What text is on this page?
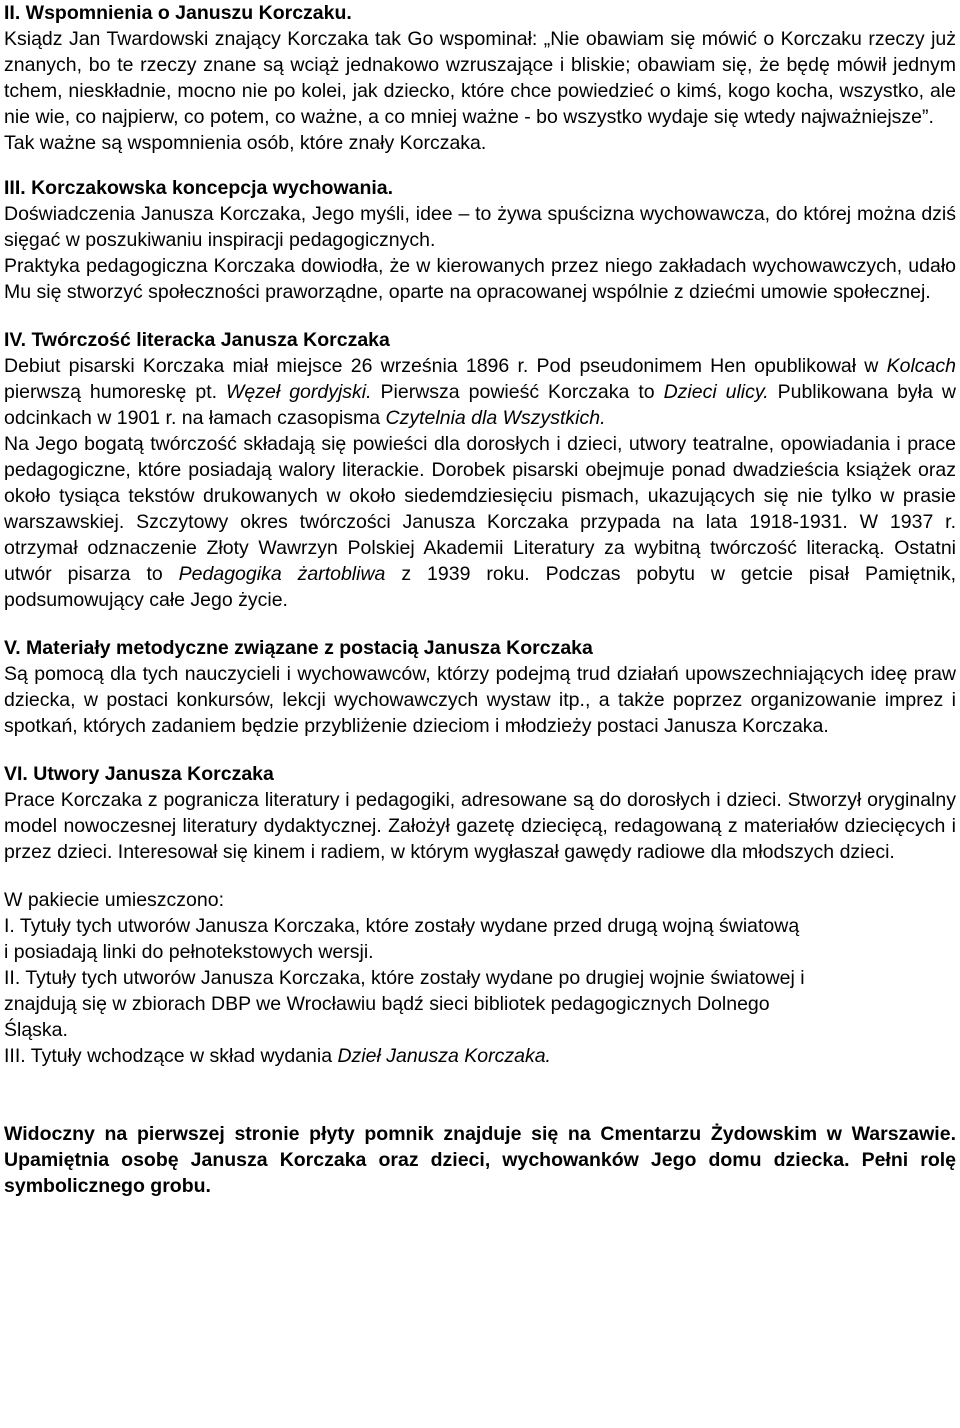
II. Wspomnienia o Januszu Korczaku.

Ksiądz Jan Twardowski znający Korczaka tak Go wspominał: „Nie obawiam się mówić o Korczaku rzeczy już znanych, bo te rzeczy znane są wciąż jednakowo wzruszające i bliskie; obawiam się, że będę mówił jednym tchem, nieskładnie, mocno nie po kolei, jak dziecko, które chce powiedzieć o kimś, kogo kocha, wszystko, ale nie wie, co najpierw, co potem, co ważne, a co mniej ważne - bo wszystko wydaje się wtedy najważniejsze”.

Tak ważne są wspomnienia osób, które znały Korczaka.

III. Korczakowska koncepcja wychowania.

Doświadczenia Janusza Korczaka, Jego myśli, idee – to żywa spuścizna wychowawcza, do której można dziś sięgać w poszukiwaniu inspiracji pedagogicznych.

Praktyka pedagogiczna Korczaka dowiodła, że w kierowanych przez niego zakładach wychowawczych, udało Mu się stworzyć społeczności praworządne, oparte na opracowanej wspólnie z dziećmi umowie społecznej.

IV. Twórczość literacka Janusza Korczaka

Debiut pisarski Korczaka miał miejsce 26 września 1896 r. Pod pseudonimem Hen opublikował w Kolcach pierwszą humoreskę pt. Węzeł gordyjski. Pierwsza powieść Korczaka to Dzieci ulicy. Publikowana była w odcinkach w 1901 r. na łamach czasopisma Czytelnia dla Wszystkich.

Na Jego bogatą twórczość składają się powieści dla dorosłych i dzieci, utwory teatralne, opowiadania i prace pedagogiczne, które posiadają walory literackie. Dorobek pisarski obejmuje ponad dwadzieścia książek oraz około tysiąca tekstów drukowanych w około siedemdziesięciu pismach, ukazujących się nie tylko w prasie warszawskiej. Szczytowy okres twórczości Janusza Korczaka przypada na lata 1918-1931. W 1937 r. otrzymał odznaczenie Złoty Wawrzyn Polskiej Akademii Literatury za wybitną twórczość literacką. Ostatni utwór pisarza to Pedagogika żartobliwa z 1939 roku. Podczas pobytu w getcie pisał Pamiętnik, podsumowujący całe Jego życie.

V. Materiały metodyczne związane z postacią Janusza Korczaka

Są pomocą dla tych nauczycieli i wychowawców, którzy podejmą trud działań upowszechniających ideę praw dziecka, w postaci konkursów, lekcji wychowawczych wystaw itp., a także poprzez organizowanie imprez i spotkań, których zadaniem będzie przybliżenie dzieciom i młodzieży postaci Janusza Korczaka.

VI. Utwory Janusza Korczaka

Prace Korczaka z pogranicza literatury i pedagogiki, adresowane są do dorosłych i dzieci. Stworzył oryginalny model nowoczesnej literatury dydaktycznej. Założył gazetę dziecięcą, redagowaną z materiałów dziecięcych i przez dzieci. Interesował się kinem i radiem, w którym wygłaszał gawędy radiowe dla młodszych dzieci.

W pakiecie umieszczono:

I. Tytuły tych utworów Janusza Korczaka, które zostały wydane przed drugą wojną światową

i posiadają linki do pełnotekstowych wersji.

II. Tytuły tych utworów Janusza Korczaka, które zostały wydane po drugiej wojnie światowej i

znajdują się w zbiorach DBP we Wrocławiu bądź sieci bibliotek pedagogicznych Dolnego

Śląska.

III. Tytuły wchodzące w skład wydania Dzieł Janusza Korczaka.

Widoczny na pierwszej stronie płyty pomnik znajduje się na Cmentarzu Żydowskim w Warszawie. Upamiętnia osobę Janusza Korczaka oraz dzieci, wychowanków Jego domu dziecka. Pełni rolę symbolicznego grobu.
